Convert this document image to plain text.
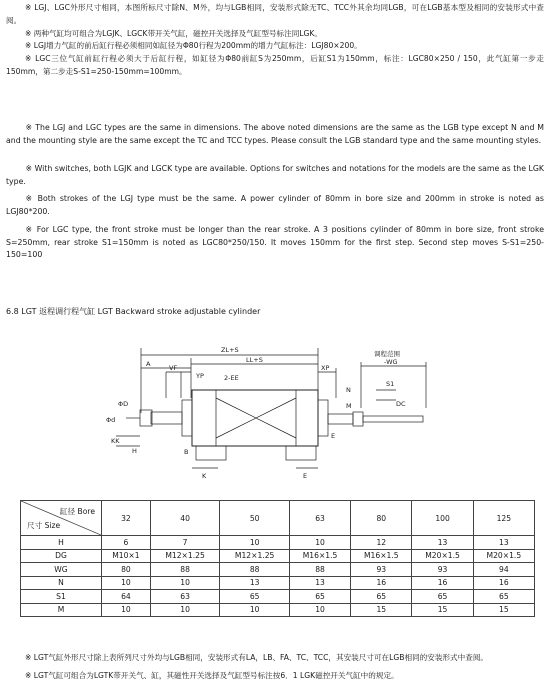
※ LGJ、LGC外形尺寸相同，本图所标尺寸除N、M外，均与LGB相同，安装形式除无TC、TCC外其余均同LGB，可在LGB基本型及相同的安装形式中查阅。
※ 两种气缸均可组合为LGJK、LGCK带开关气缸，磁控开关选择及气缸型号标注同LGK。
※ LGJ增力气缸的前后缸行程必须相同如缸径为Φ80行程为200mm的增力气缸标注：LGJ80×200。
※ LGC三位气缸前缸行程必须大于后缸行程，如缸径为Φ80前缸S为250mm，后缸S1为150mm，标注：LGC80×250 / 150，此气缸第一步走150mm，第二步走S-S1=250-150mm=100mm。
※ The LGJ and LGC types are the same in dimensions. The above noted dimensions are the same as the LGB type except N and M and the mounting style are the same except the TC and TCC types. Please consult the LGB standard type and the same mounting styles.
※ With switches, both LGJK and LGCK type are available. Options for switches and notations for the models are the same as the LGK type.
※ Both strokes of the LGJ type must be the same. A power cylinder of 80mm in bore size and 200mm in stroke is noted as LGJ80*200.
※ For LGC type, the front stroke must be longer than the rear stroke. A 3 positions cylinder of 80mm in bore size, front stroke S=250mm, rear stroke S1=150mm is noted as LGC80*250/150. It moves 150mm for the first step. Second step moves S-S1=250-150=100
6.8 LGT 返程调行程气缸 LGT Backward stroke adjustable cylinder
ZL+S	调程范围
-WG
A	VF
YP	2-EE
LL+S
XP
N
S1
M	DC
Φd
ΦD
KK
H	B
K
E
E
缸径 Bore
尺寸 Size	32	40	50	63	80	100	125
H	6	7	10	10	12	13	13
DG	M10×1	M12×1.25	M12×1.25	M16×1.5	M16×1.5	M20×1.5	M20×1.5
WG	80	88	88	88	93	93	94
N	10	10	13	13	16	16	16
S1	64	63	65	65	65	65	65
M	10	10	10	10	15	15	15
※ LGT气缸外形尺寸除上表所列尺寸外均与LGB相同，安装形式有LA，LB、FA、TC、TCC，其安装尺寸可在LGB相同的安装形式中查阅。
※ LGT气缸可组合为LGTK带开关气、缸，其磁性开关选择及气缸型号标注按6．1 LGK磁控开关气缸中的规定。
